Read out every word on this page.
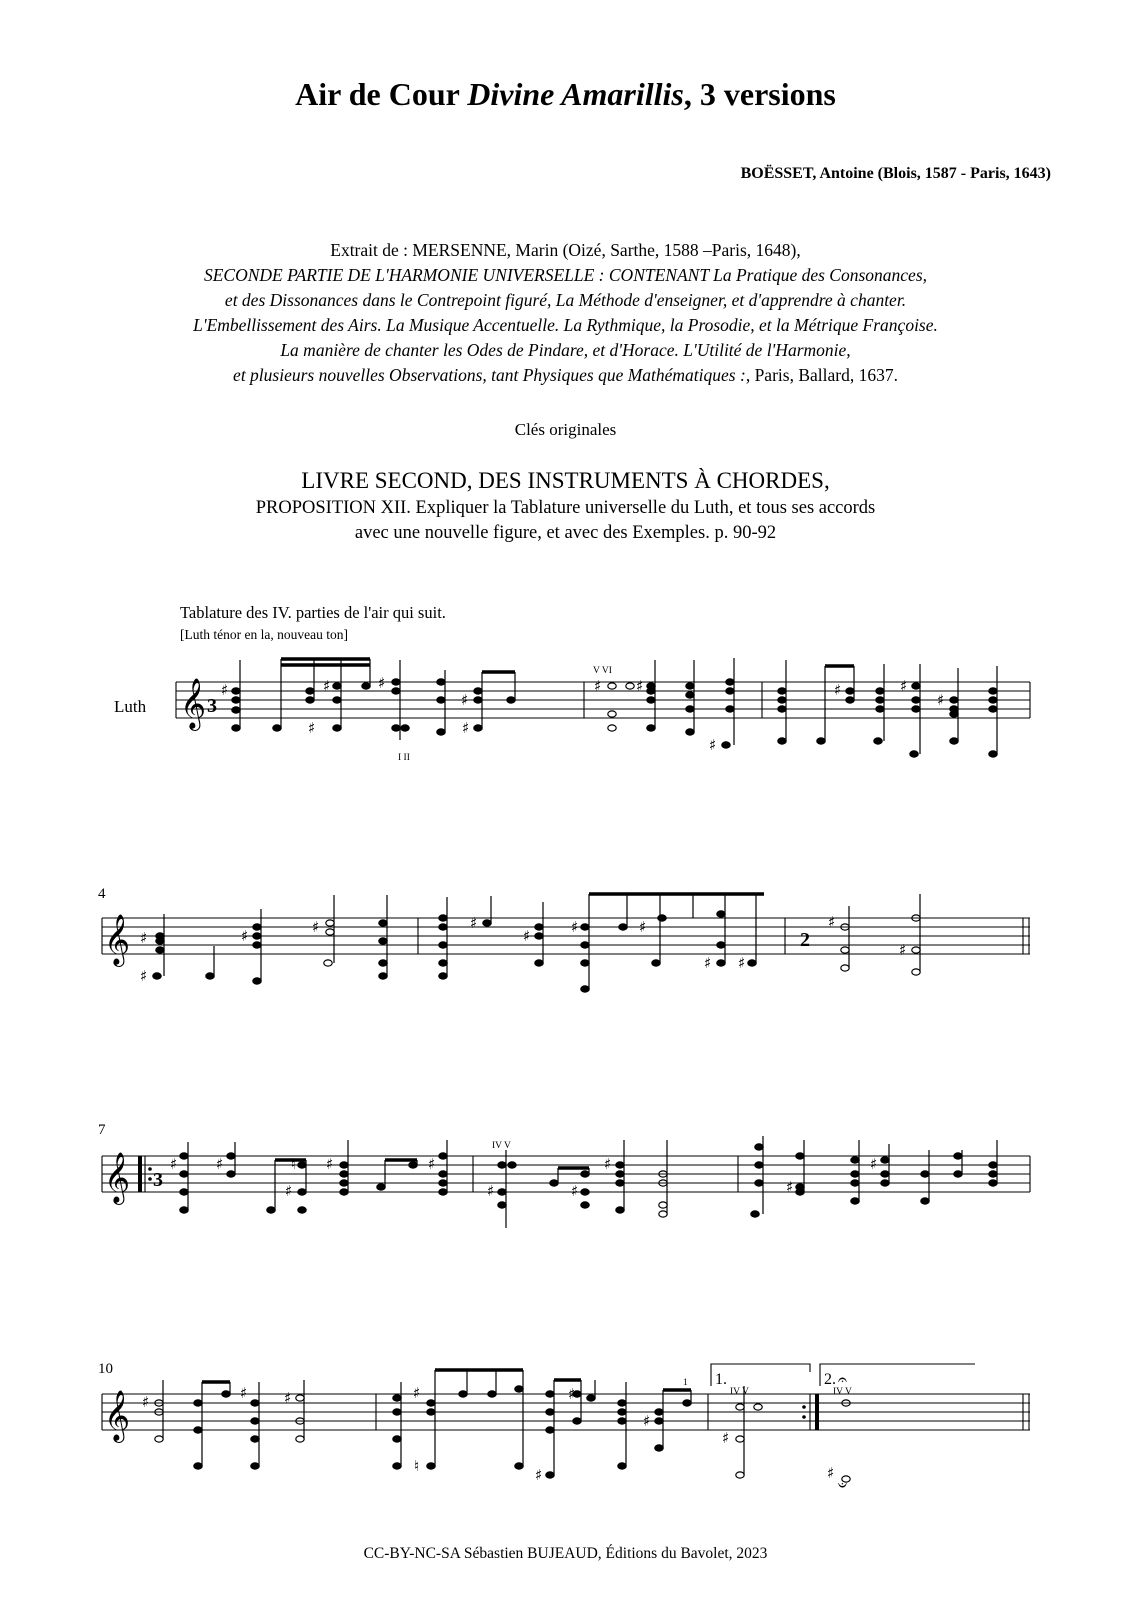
Air de Cour Divine Amarillis, 3 versions
BOËSSET, Antoine (Blois, 1587 - Paris, 1643)
Extrait de : MERSENNE, Marin (Oizé, Sarthe, 1588 –Paris, 1648),
SECONDE PARTIE DE L'HARMONIE UNIVERSELLE : CONTENANT La Pratique des Consonances,
et des Dissonances dans le Contrepoint figuré, La Méthode d'enseigner, et d'apprendre à chanter.
L'Embellissement des Airs. La Musique Accentuelle. La Rythmique, la Prosodie, et la Métrique Françoise.
La manière de chanter les Odes de Pindare, et d'Horace. L'Utilité de l'Harmonie,
et plusieurs nouvelles Observations, tant Physiques que Mathématiques :, Paris, Ballard, 1637.
Clés originales
LIVRE SECOND, DES INSTRUMENTS À CHORDES,
PROPOSITION XII. Expliquer la Tablature universelle du Luth, et tous ses accords
avec une nouvelle figure, et avec des Exemples. p. 90-92
Tablature des IV. parties de l'air qui suit.
[Luth ténor en la, nouveau ton]
Luth
4
7
10
𝄞 3
♯	♯
♯
♯
♯
♯
♯ ♯
♯
♯	♯
♯
V VI
I II
𝄞 ♯
♯
♯	♯	♯
♯	♯	♯
♯ ♯
♯
♯
2
𝄞 3
♯	♯
♯
♮ ♯	♯
♯	♯
♯
♯
♯
IV V
𝄞
1.	2.
♯	♯ ♯	♯
♮	♯
♯
♯
♯
♯
𝄐
𝄑
IV V	IV V
1
CC-BY-NC-SA Sébastien BUJEAUD, Éditions du Bavolet, 2023
